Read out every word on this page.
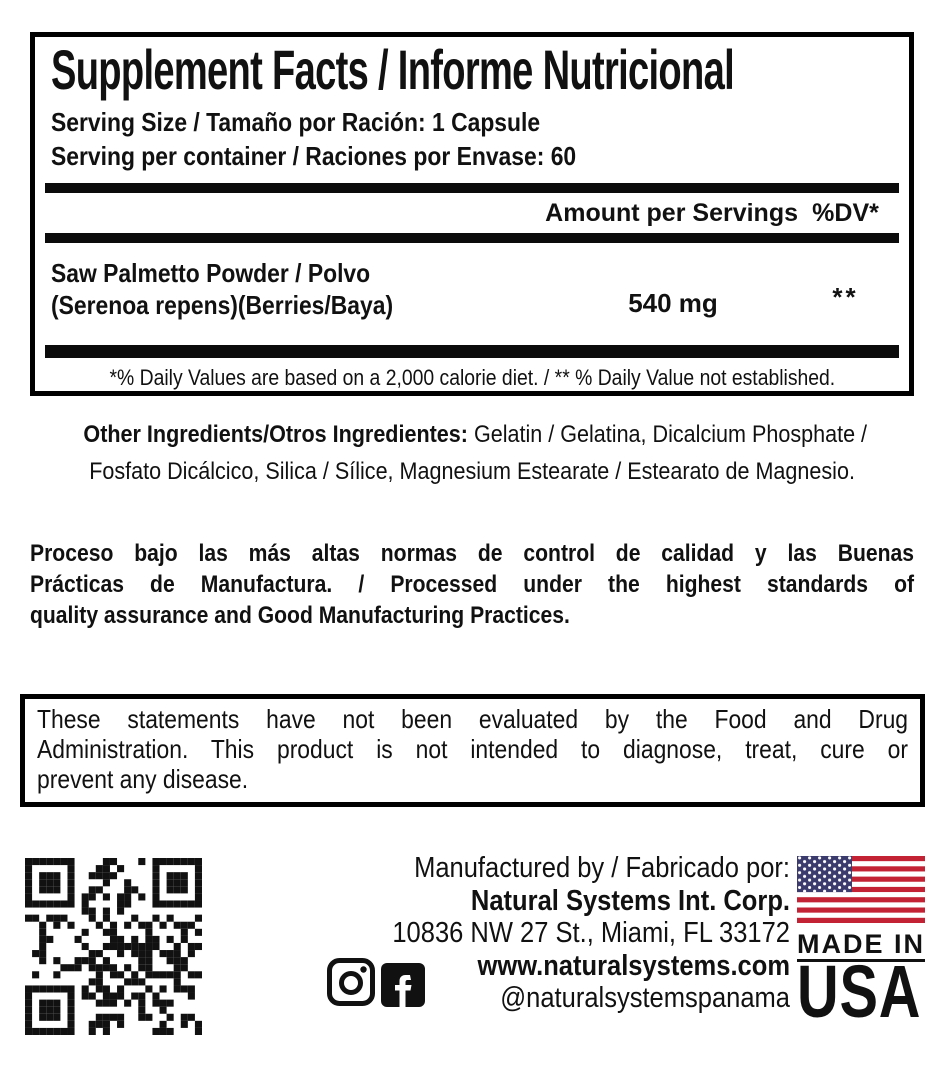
Supplement Facts / Informe Nutricional
Serving Size / Tamaño por Ración: 1 Capsule
Serving per container / Raciones por Envase: 60
Amount per Servings %DV*
Saw Palmetto Powder / Polvo
(Serenoa repens)(Berries/Baya)	540 mg	**
*% Daily Values are based on a 2,000 calorie diet. / ** % Daily Value not established.
Other Ingredients/Otros Ingredientes: Gelatin / Gelatina, Dicalcium Phosphate /
Fosfato Dicálcico, Silica / Sílice, Magnesium Estearate / Estearato de Magnesio.
Proceso bajo las más altas normas de control de calidad y las Buenas
Prácticas de Manufactura. / Processed under the highest standards of
quality assurance and Good Manufacturing Practices.
These statements have not been evaluated by the Food and Drug
Administration. This product is not intended to diagnose, treat, cure or
prevent any disease.
Manufactured by / Fabricado por:
Natural Systems Int. Corp.
10836 NW 27 St., Miami, FL 33172
www.naturalsystems.com
@naturalsystemspanama
MADE IN
USA
